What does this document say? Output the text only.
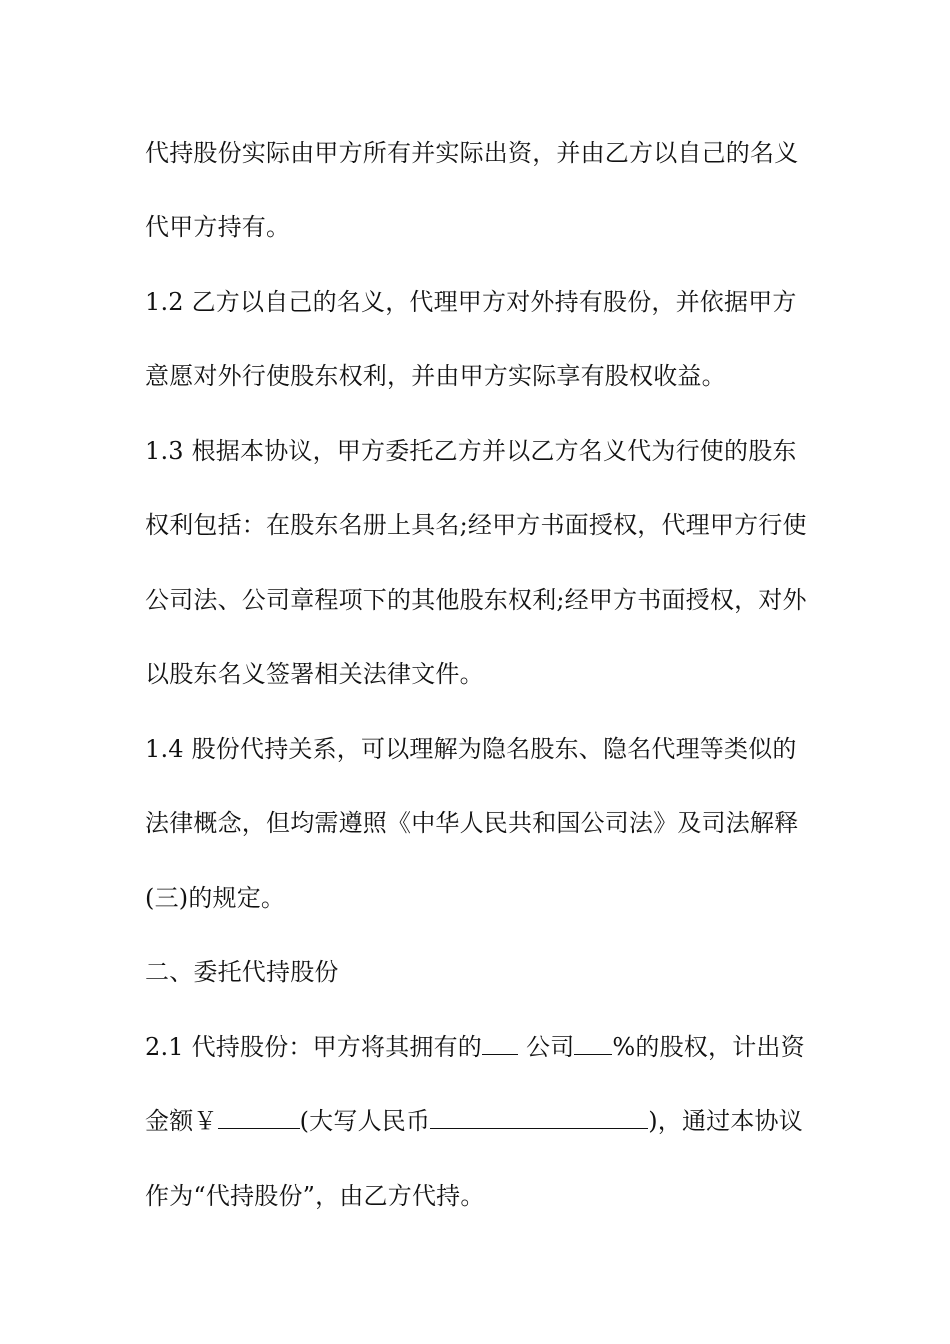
代持股份实际由甲方所有并实际出资，并由乙方以自己的名义
代甲方持有。
1.2 乙方以自己的名义，代理甲方对外持有股份，并依据甲方
意愿对外行使股东权利，并由甲方实际享有股权收益。
1.3 根据本协议，甲方委托乙方并以乙方名义代为行使的股东
权利包括：在股东名册上具名;经甲方书面授权，代理甲方行使
公司法、公司章程项下的其他股东权利;经甲方书面授权，对外
以股东名义签署相关法律文件。
1.4 股份代持关系，可以理解为隐名股东、隐名代理等类似的
法律概念，但均需遵照《中华人民共和国公司法》及司法解释
(三)的规定。
二、委托代持股份
2.1 代持股份：甲方将其拥有的 公司 %的股权，计出资
金额￥	(大写人民币	)，通过本协议
作为“代持股份”，由乙方代持。
